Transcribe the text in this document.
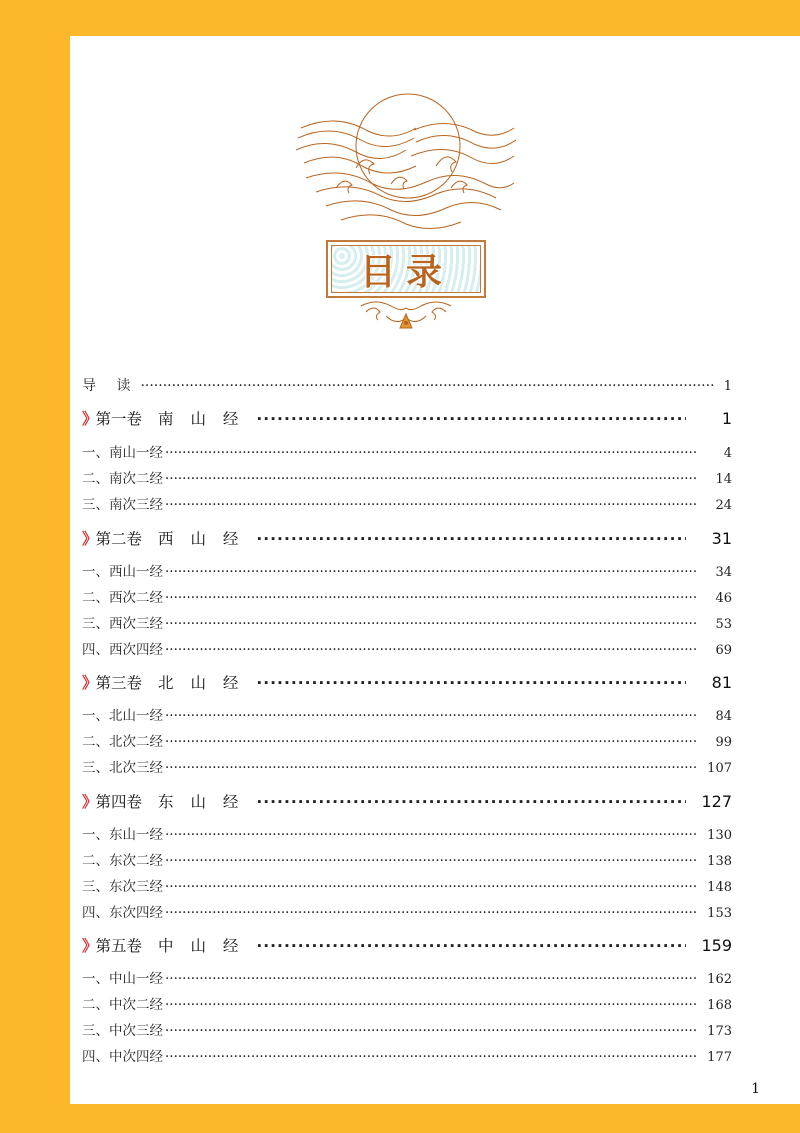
目录
导 读 ·····	1
》第一卷 南 山 经 ·····	1
一、南山一经 ·····	4
二、南次二经 ·····	14
三、南次三经 ·····	24
》第二卷 西 山 经 ·····	31
一、西山一经 ·····	34
二、西次二经 ·····	46
三、西次三经 ·····	53
四、西次四经 ·····	69
》第三卷 北 山 经 ·····	81
一、北山一经 ·····	84
二、北次二经 ·····	99
三、北次三经 ·····	107
》第四卷 东 山 经 ·····	127
一、东山一经 ·····	130
二、东次二经 ·····	138
三、东次三经 ·····	148
四、东次四经 ·····	153
》第五卷 中 山 经 ·····	159
一、中山一经 ·····	162
二、中次二经 ·····	168
三、中次三经 ·····	173
四、中次四经 ·····	177
1
